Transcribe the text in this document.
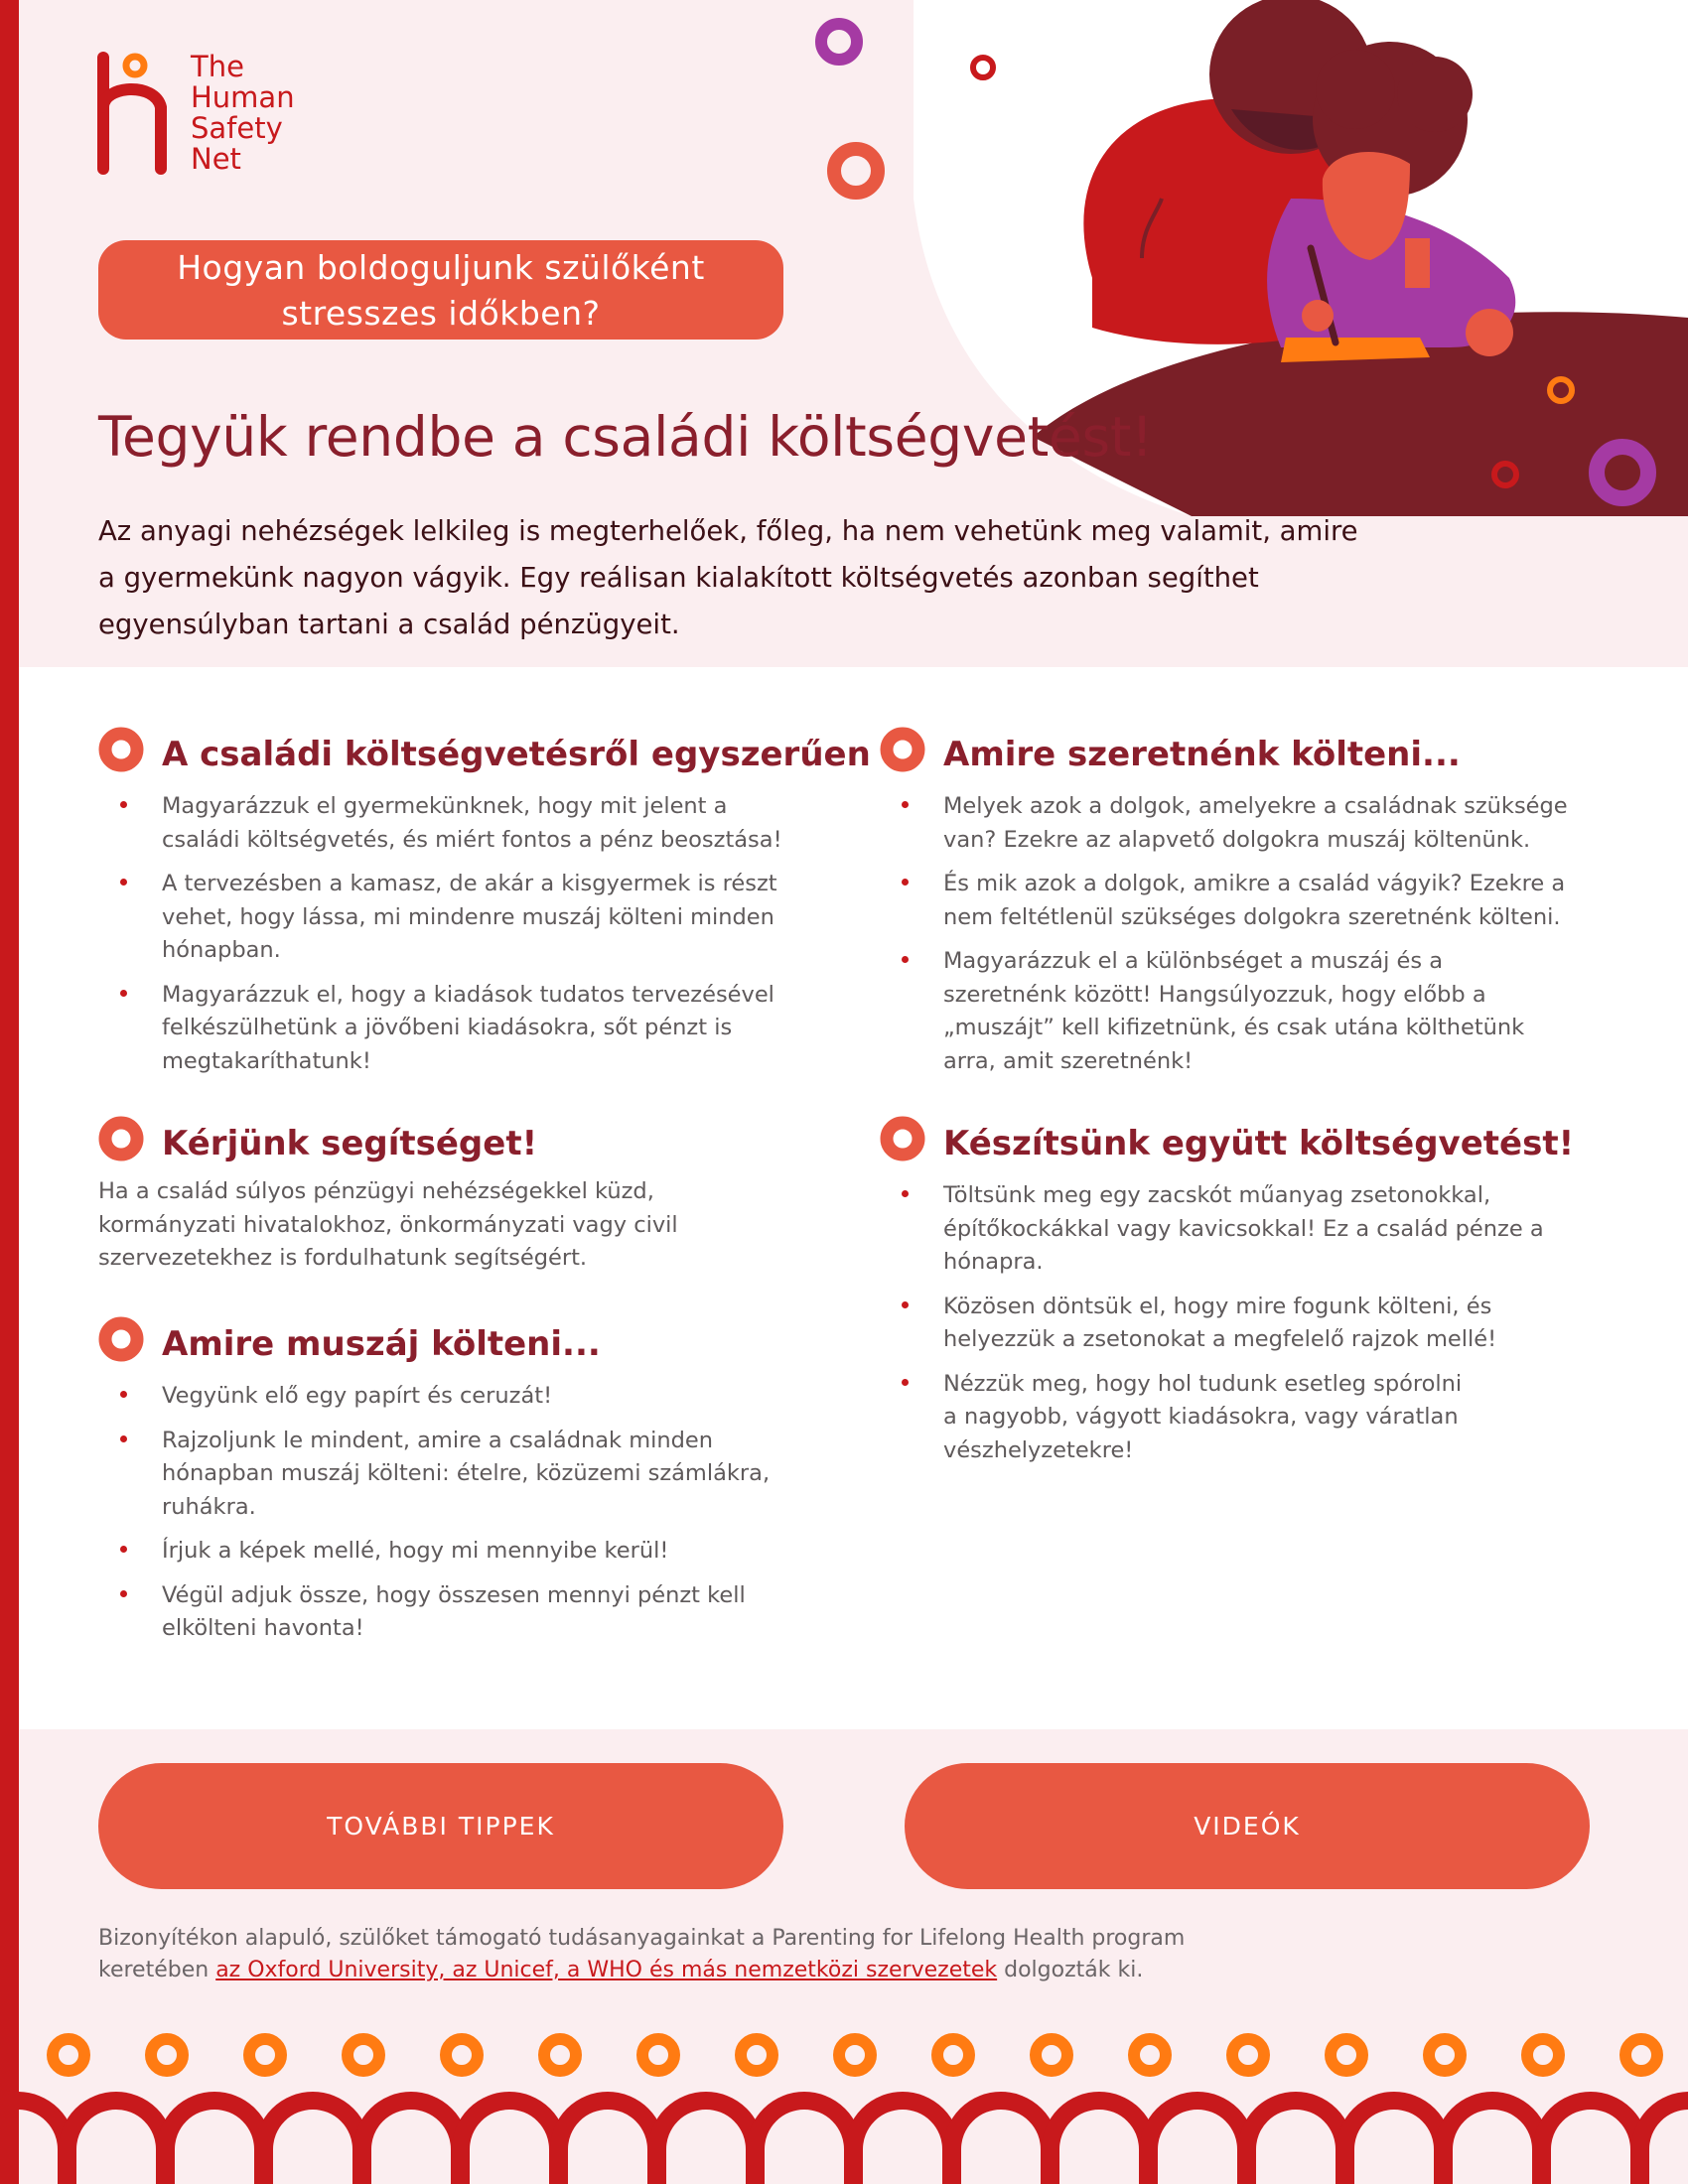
The
Human
Safety
Net
Hogyan boldoguljunk szülőként
stresszes időkben?
Tegyük rendbe a családi költségvetést!
Az anyagi nehézségek lelkileg is megterhelőek, főleg, ha nem vehetünk meg valamit, amire
a gyermekünk nagyon vágyik. Egy reálisan kialakított költségvetés azonban segíthet
egyensúlyban tartani a család pénzügyeit.
A családi költségvetésről egyszerűen
Magyarázzuk el gyermekünknek, hogy mit jelent a
családi költségvetés, és miért fontos a pénz beosztása!
A tervezésben a kamasz, de akár a kisgyermek is részt
vehet, hogy lássa, mi mindenre muszáj költeni minden
hónapban.
Magyarázzuk el, hogy a kiadások tudatos tervezésével
felkészülhetünk a jövőbeni kiadásokra, sőt pénzt is
megtakaríthatunk!
Kérjünk segítséget!
Ha a család súlyos pénzügyi nehézségekkel küzd,
kormányzati hivatalokhoz, önkormányzati vagy civil
szervezetekhez is fordulhatunk segítségért.
Amire muszáj költeni...
Vegyünk elő egy papírt és ceruzát!
Rajzoljunk le mindent, amire a családnak minden
hónapban muszáj költeni: ételre, közüzemi számlákra,
ruhákra.
Írjuk a képek mellé, hogy mi mennyibe kerül!
Végül adjuk össze, hogy összesen mennyi pénzt kell
elkölteni havonta!
Amire szeretnénk költeni...
Melyek azok a dolgok, amelyekre a családnak szüksége
van? Ezekre az alapvető dolgokra muszáj költenünk.
És mik azok a dolgok, amikre a család vágyik? Ezekre a
nem feltétlenül szükséges dolgokra szeretnénk költeni.
Magyarázzuk el a különbséget a muszáj és a
szeretnénk között! Hangsúlyozzuk, hogy előbb a
„muszájt” kell kifizetnünk, és csak utána költhetünk
arra, amit szeretnénk!
Készítsünk együtt költségvetést!
Töltsünk meg egy zacskót műanyag zsetonokkal,
építőkockákkal vagy kavicsokkal! Ez a család pénze a
hónapra.
Közösen döntsük el, hogy mire fogunk költeni, és
helyezzük a zsetonokat a megfelelő rajzok mellé!
Nézzük meg, hogy hol tudunk esetleg spórolni
a nagyobb, vágyott kiadásokra, vagy váratlan
vészhelyzetekre!
TOVÁBBI TIPPEK	VIDEÓK
Bizonyítékon alapuló, szülőket támogató tudásanyagainkat a Parenting for Lifelong Health program
keretében az Oxford University, az Unicef, a WHO és más nemzetközi szervezetek dolgozták ki.
